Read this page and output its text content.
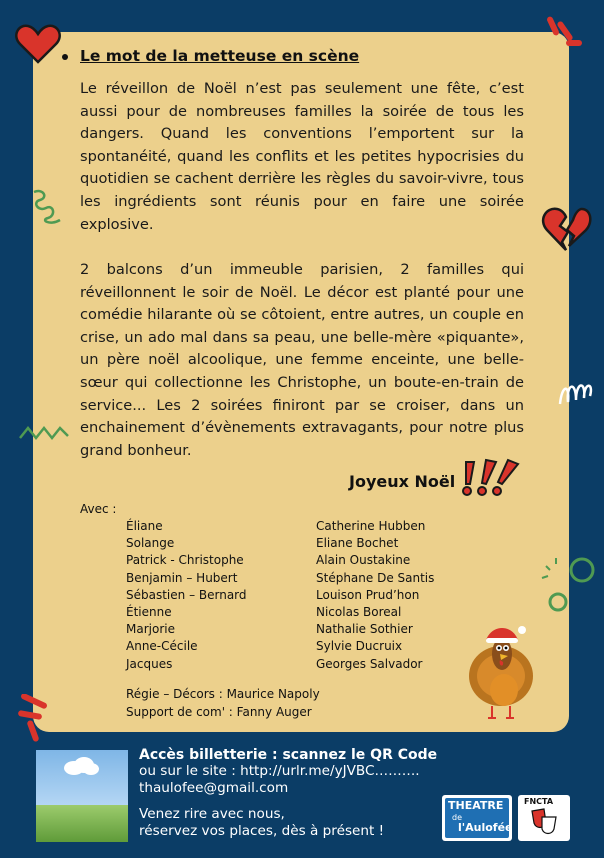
Le mot de la metteuse en scène

Le réveillon de Noël n’est pas seulement une fête, c’est aussi pour de nombreuses familles la soirée de tous les dangers. Quand les conventions l’emportent sur la spontanéité, quand les conflits et les petites hypocrisies du quotidien se cachent derrière les règles du savoir-vivre, tous les ingrédients sont réunis pour en faire une soirée explosive.

2 balcons d’un immeuble parisien, 2 familles qui réveillonnent le soir de Noël. Le décor est planté pour une comédie hilarante où se côtoient, entre autres, un couple en crise, un ado mal dans sa peau, une belle-mère «piquante», un père noël alcoolique, une femme enceinte, une belle-sœur qui collectionne les Christophe, un boute-en-train de service... Les 2 soirées finiront par se croiser, dans un enchainement d’évènements extravagants, pour notre plus grand bonheur.

Joyeux Noël
Avec :
Éliane
Solange
Patrick - Christophe
Benjamin – Hubert
Sébastien – Bernard
Étienne
Marjorie
Anne-Cécile
Jacques
Catherine Hubben
Eliane Bochet
Alain Oustakine
Stéphane De Santis
Louison Prud’hon
Nicolas Boreal
Nathalie Sothier
Sylvie Ducruix
Georges Salvador
Régie – Décors : Maurice Napoly
Support de com' : Fanny Auger
Accès billetterie : scannez le QR Code
ou sur le site : http://urlr.me/yJVBC……….
thaulofee@gmail.com
Venez rire avec nous,
réservez vos places, dès à présent !
THEATRE
de
l'Aulofée
FNCTA
